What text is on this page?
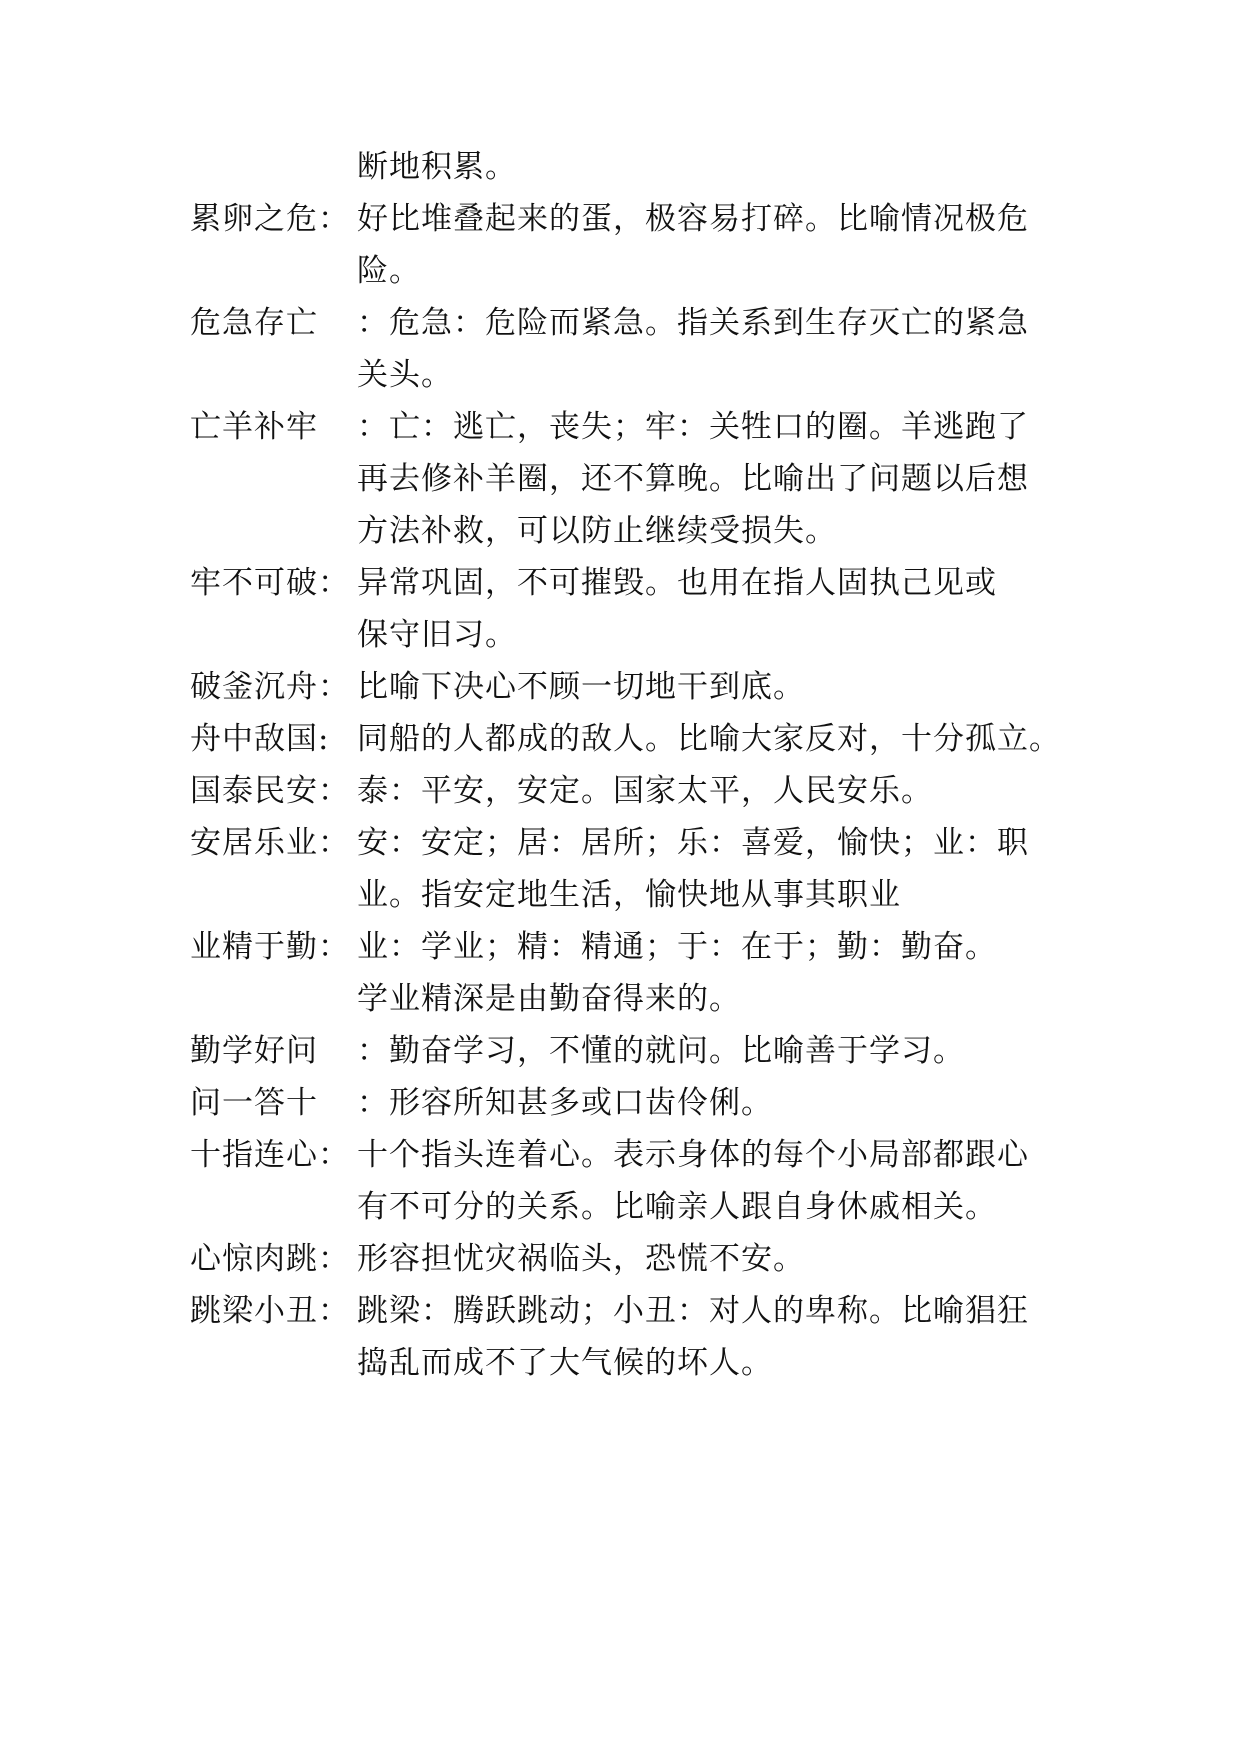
断地积累。
累卵之危： 好比堆叠起来的蛋，极容易打碎。比喻情况极危
险。
危急存亡 ：危急：危险而紧急。指关系到生存灭亡的紧急
关头。
亡羊补牢 ：亡：逃亡，丧失；牢：关牲口的圈。羊逃跑了
再去修补羊圈，还不算晚。比喻出了问题以后想
方法补救，可以防止继续受损失。
牢不可破： 异常巩固，不可摧毁。也用在指人固执己见或
保守旧习。
破釜沉舟： 比喻下决心不顾一切地干到底。
舟中敌国: 同船的人都成的敌人。比喻大家反对，十分孤立。
国泰民安： 泰：平安，安定。国家太平，人民安乐。
安居乐业： 安：安定；居：居所；乐：喜爱，愉快；业：职
业。指安定地生活，愉快地从事其职业
业精于勤： 业：学业；精：精通；于：在于；勤：勤奋。
学业精深是由勤奋得来的。
勤学好问 ：勤奋学习，不懂的就问。比喻善于学习。
问一答十 ：形容所知甚多或口齿伶俐。
十指连心： 十个指头连着心。表示身体的每个小局部都跟心
有不可分的关系。比喻亲人跟自身休戚相关。
心惊肉跳： 形容担忧灾祸临头，恐慌不安。
跳梁小丑： 跳梁：腾跃跳动；小丑：对人的卑称。比喻猖狂
捣乱而成不了大气候的坏人。
